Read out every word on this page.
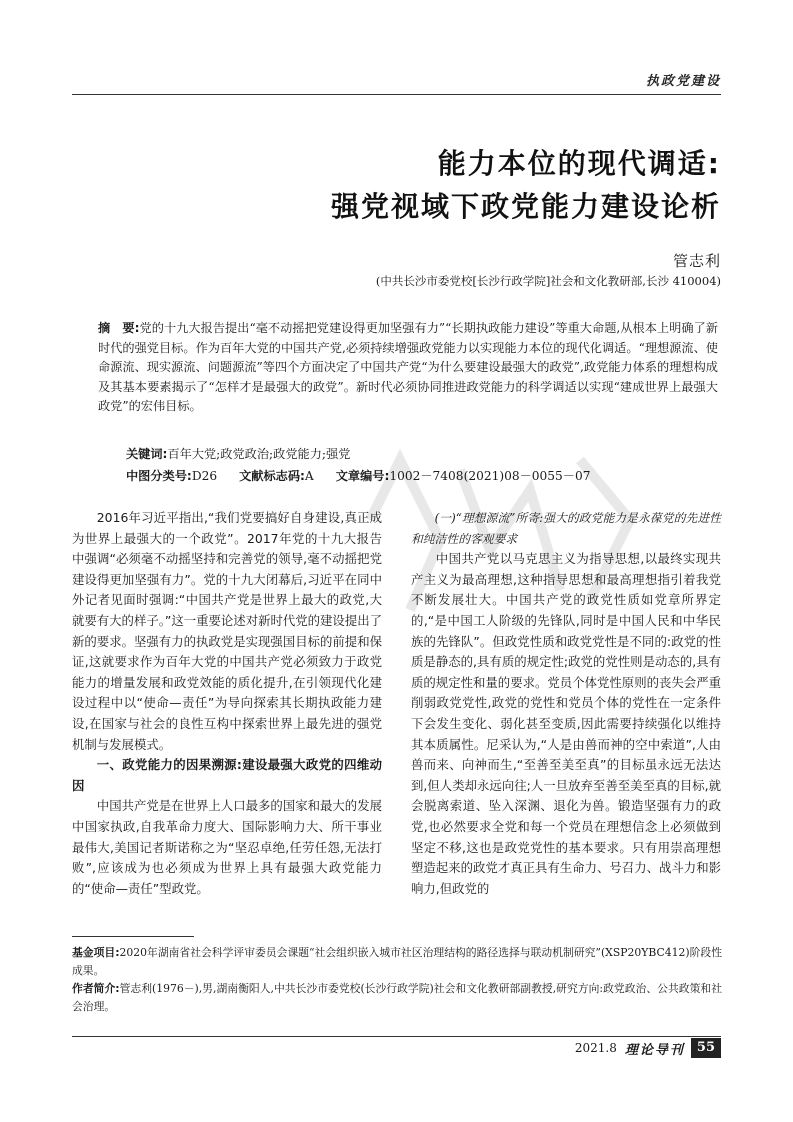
执政党建设
能力本位的现代调适:
强党视域下政党能力建设论析
管志利
(中共长沙市委党校[长沙行政学院]社会和文化教研部,长沙 410004)

摘　要:党的十九大报告提出“毫不动摇把党建设得更加坚强有力”“长期执政能力建设”等重大命题,从根本上明确了新时代的强党目标。作为百年大党的中国共产党,必须持续增强政党能力以实现能力本位的现代化调适。“理想源流、使命源流、现实源流、问题源流”等四个方面决定了中国共产党“为什么要建设最强大的政党”,政党能力体系的理想构成及其基本要素揭示了“怎样才是最强大的政党”。新时代必须协同推进政党能力的科学调适以实现“建成世界上最强大政党”的宏伟目标。

关键词:百年大党;政党政治;政党能力;强党
中图分类号:D26 文献标志码:A 文章编号:1002－7408(2021)08－0055－07

2016年习近平指出,“我们党要搞好自身建设,真正成为世界上最强大的一个政党”。2017年党的十九大报告中强调“必须毫不动摇坚持和完善党的领导,毫不动摇把党建设得更加坚强有力”。党的十九大闭幕后,习近平在同中外记者见面时强调:“中国共产党是世界上最大的政党,大就要有大的样子。”这一重要论述对新时代党的建设提出了新的要求。坚强有力的执政党是实现强国目标的前提和保证,这就要求作为百年大党的中国共产党必须致力于政党能力的增量发展和政党效能的质化提升,在引领现代化建设过程中以“使命—责任”为导向探索其长期执政能力建设,在国家与社会的良性互构中探索世界上最先进的强党机制与发展模式。

一、政党能力的因果溯源:建设最强大政党的四维动因

中国共产党是在世界上人口最多的国家和最大的发展中国家执政,自我革命力度大、国际影响力大、所干事业最伟大,美国记者斯诺称之为“坚忍卓绝,任劳任怨,无法打败”,应该成为也必须成为世界上具有最强大政党能力的“使命—责任”型政党。

(一)“理想源流”所寄:强大的政党能力是永葆党的先进性和纯洁性的客观要求

中国共产党以马克思主义为指导思想,以最终实现共产主义为最高理想,这种指导思想和最高理想指引着我党不断发展壮大。中国共产党的政党性质如党章所界定的,“是中国工人阶级的先锋队,同时是中国人民和中华民族的先锋队”。但政党性质和政党党性是不同的:政党的性质是静态的,具有质的规定性;政党的党性则是动态的,具有质的规定性和量的要求。党员个体党性原则的丧失会严重削弱政党党性,政党的党性和党员个体的党性在一定条件下会发生变化、弱化甚至变质,因此需要持续强化以维持其本质属性。尼采认为,“人是由兽而神的空中索道”,人由兽而来、向神而生,“至善至美至真”的目标虽永远无法达到,但人类却永远向往;人一旦放弃至善至美至真的目标,就会脱离索道、坠入深渊、退化为兽。锻造坚强有力的政党,也必然要求全党和每一个党员在理想信念上必须做到坚定不移,这也是政党党性的基本要求。只有用崇高理想塑造起来的政党才真正具有生命力、号召力、战斗力和影响力,但政党的

基金项目:2020年湖南省社会科学评审委员会课题“社会组织嵌入城市社区治理结构的路径选择与联动机制研究”(XSP20YBC412)阶段性成果。
作者简介:管志利(1976－),男,湖南衡阳人,中共长沙市委党校(长沙行政学院)社会和文化教研部副教授,研究方向:政党政治、公共政策和社会治理。
2021.8 理论导刊 55
